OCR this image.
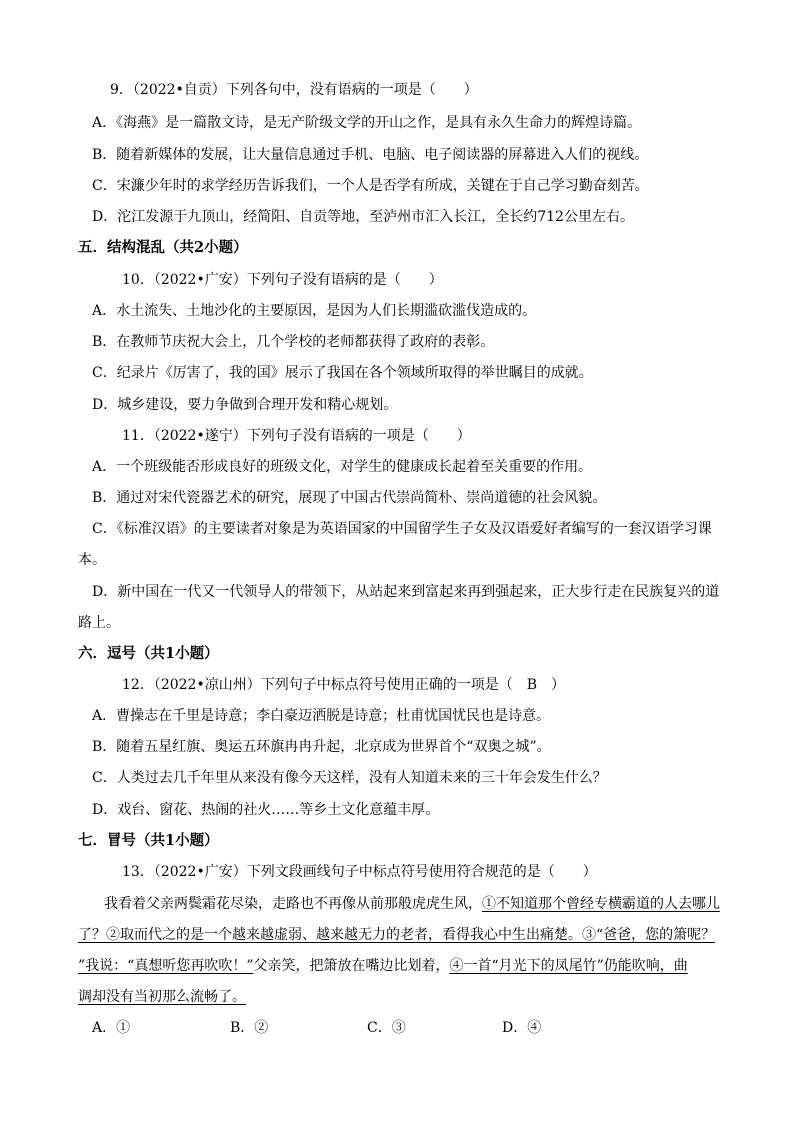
9．（2022•自贡）下列各句中，没有语病的一项是（　　）
A．《海燕》是一篇散文诗，是无产阶级文学的开山之作，是具有永久生命力的辉煌诗篇。
B．随着新媒体的发展，让大量信息通过手机、电脑、电子阅读器的屏幕进入人们的视线。
C．宋濂少年时的求学经历告诉我们，一个人是否学有所成，关键在于自己学习勤奋刻苦。
D．沱江发源于九顶山，经简阳、自贡等地，至泸州市汇入长江，全长约712公里左右。
五．结构混乱（共2小题）
10．（2022•广安）下列句子没有语病的是（　　）
A．水土流失、土地沙化的主要原因，是因为人们长期滥砍滥伐造成的。
B．在教师节庆祝大会上，几个学校的老师都获得了政府的表彰。
C．纪录片《厉害了，我的国》展示了我国在各个领域所取得的举世瞩目的成就。
D．城乡建设，要力争做到合理开发和精心规划。
11．（2022•遂宁）下列句子没有语病的一项是（　　）
A．一个班级能否形成良好的班级文化，对学生的健康成长起着至关重要的作用。
B．通过对宋代瓷器艺术的研究，展现了中国古代崇尚简朴、崇尚道德的社会风貌。
C．《标准汉语》的主要读者对象是为英语国家的中国留学生子女及汉语爱好者编写的一套汉语学习课
本。
D．新中国在一代又一代领导人的带领下，从站起来到富起来再到强起来，正大步行走在民族复兴的道
路上。
六．逗号（共1小题）
12．（2022•凉山州）下列句子中标点符号使用正确的一项是（　B　）
A．曹操志在千里是诗意；李白豪迈洒脱是诗意；杜甫忧国忧民也是诗意。
B．随着五星红旗、奥运五环旗冉冉升起，北京成为世界首个“双奥之城”。
C．人类过去几千年里从来没有像今天这样，没有人知道未来的三十年会发生什么？
D．戏台、窗花、热闹的社火……等乡土文化意蕴丰厚。
七．冒号（共1小题）
13．（2022•广安）下列文段画线句子中标点符号使用符合规范的是（　　）
我看着父亲两鬓霜花尽染，走路也不再像从前那般虎虎生风，①不知道那个曾经专横霸道的人去哪儿
了？②取而代之的是一个越来越虚弱、越来越无力的老者，看得我心中生出痛楚。③“爸爸，您的箫呢？
”我说：“真想听您再吹吹！”父亲笑，把箫放在嘴边比划着，④一首“月光下的凤尾竹”仍能吹响，曲
调却没有当初那么流畅了。
A．①	B．②	C．③	D．④
